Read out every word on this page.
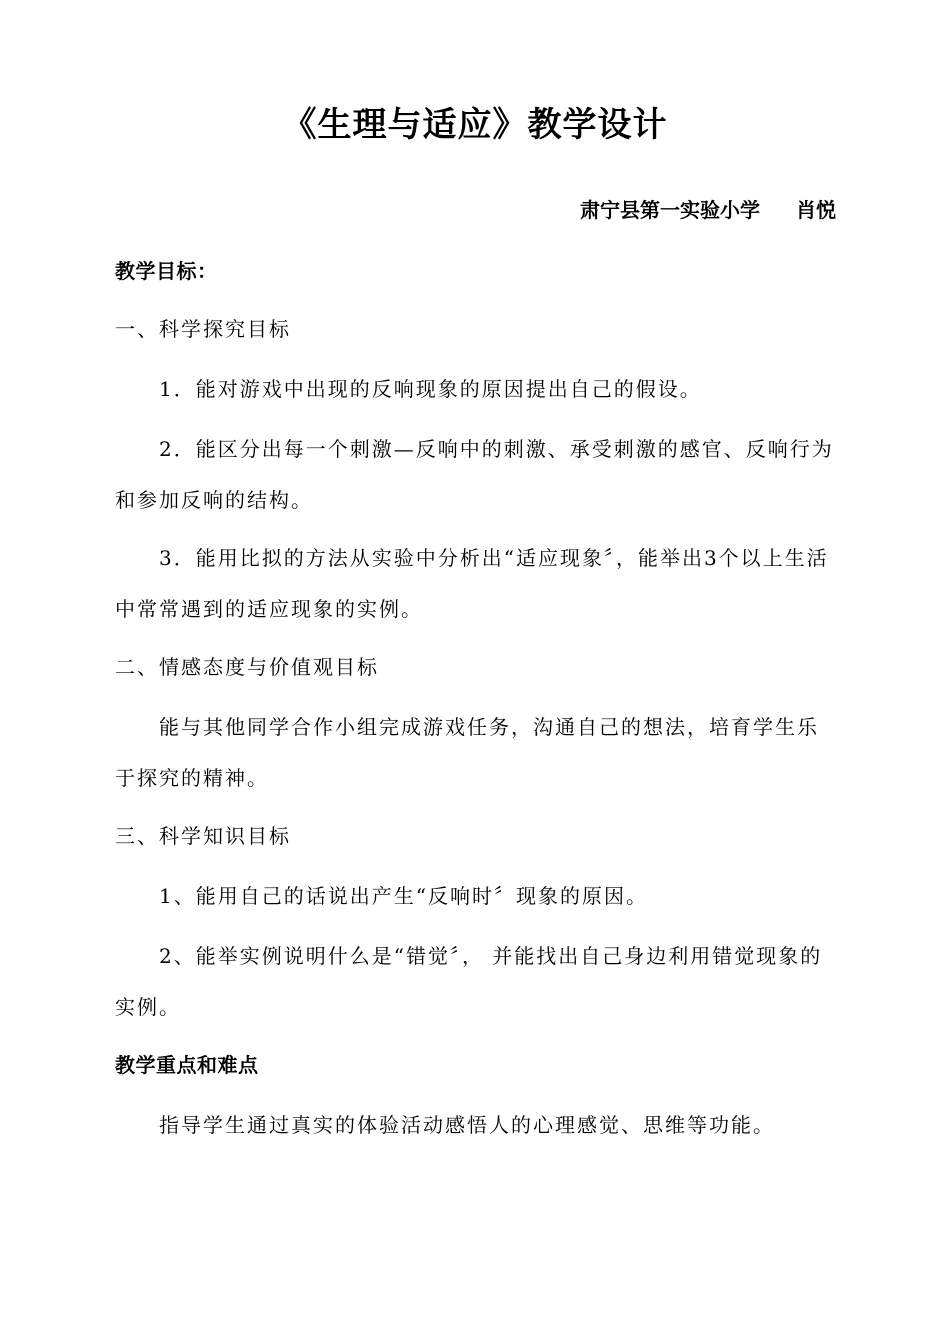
《生理与适应》教学设计
肃宁县第一实验小学 肖悦

教学目标：

一、科学探究目标

1．能对游戏中出现的反响现象的原因提出自己的假设。

2．能区分出每一个刺激—反响中的刺激、承受刺激的感官、反响行为和参加反响的结构。

3．能用比拟的方法从实验中分析出“适应现象〞，能举出3个以上生活中常常遇到的适应现象的实例。

二、情感态度与价值观目标

能与其他同学合作小组完成游戏任务，沟通自己的想法，培育学生乐于探究的精神。

三、科学知识目标

1、能用自己的话说出产生“反响时〞现象的原因。

2、能举实例说明什么是“错觉〞， 并能找出自己身边利用错觉现象的实例。

教学重点和难点

指导学生通过真实的体验活动感悟人的心理感觉、思维等功能。
